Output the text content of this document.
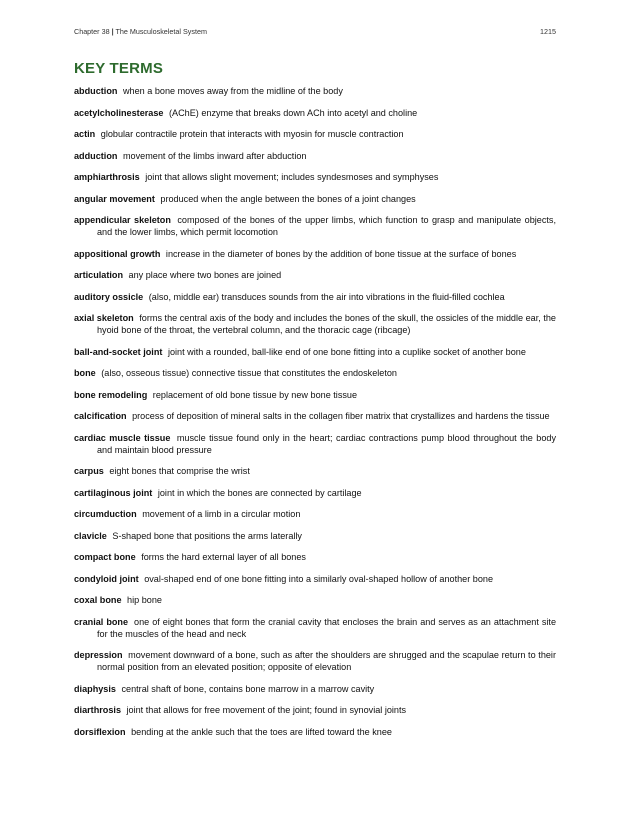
Chapter 38 | The Musculoskeletal System	1215
KEY TERMS

abduction when a bone moves away from the midline of the body

acetylcholinesterase (AChE) enzyme that breaks down ACh into acetyl and choline

actin globular contractile protein that interacts with myosin for muscle contraction

adduction movement of the limbs inward after abduction

amphiarthrosis joint that allows slight movement; includes syndesmoses and symphyses

angular movement produced when the angle between the bones of a joint changes

appendicular skeleton composed of the bones of the upper limbs, which function to grasp and manipulate objects, and the lower limbs, which permit locomotion

appositional growth increase in the diameter of bones by the addition of bone tissue at the surface of bones

articulation any place where two bones are joined

auditory ossicle (also, middle ear) transduces sounds from the air into vibrations in the fluid-filled cochlea

axial skeleton forms the central axis of the body and includes the bones of the skull, the ossicles of the middle ear, the hyoid bone of the throat, the vertebral column, and the thoracic cage (ribcage)

ball-and-socket joint joint with a rounded, ball-like end of one bone fitting into a cuplike socket of another bone

bone (also, osseous tissue) connective tissue that constitutes the endoskeleton

bone remodeling replacement of old bone tissue by new bone tissue

calcification process of deposition of mineral salts in the collagen fiber matrix that crystallizes and hardens the tissue

cardiac muscle tissue muscle tissue found only in the heart; cardiac contractions pump blood throughout the body and maintain blood pressure

carpus eight bones that comprise the wrist

cartilaginous joint joint in which the bones are connected by cartilage

circumduction movement of a limb in a circular motion

clavicle S-shaped bone that positions the arms laterally

compact bone forms the hard external layer of all bones

condyloid joint oval-shaped end of one bone fitting into a similarly oval-shaped hollow of another bone

coxal bone hip bone

cranial bone one of eight bones that form the cranial cavity that encloses the brain and serves as an attachment site for the muscles of the head and neck

depression movement downward of a bone, such as after the shoulders are shrugged and the scapulae return to their normal position from an elevated position; opposite of elevation

diaphysis central shaft of bone, contains bone marrow in a marrow cavity

diarthrosis joint that allows for free movement of the joint; found in synovial joints

dorsiflexion bending at the ankle such that the toes are lifted toward the knee
